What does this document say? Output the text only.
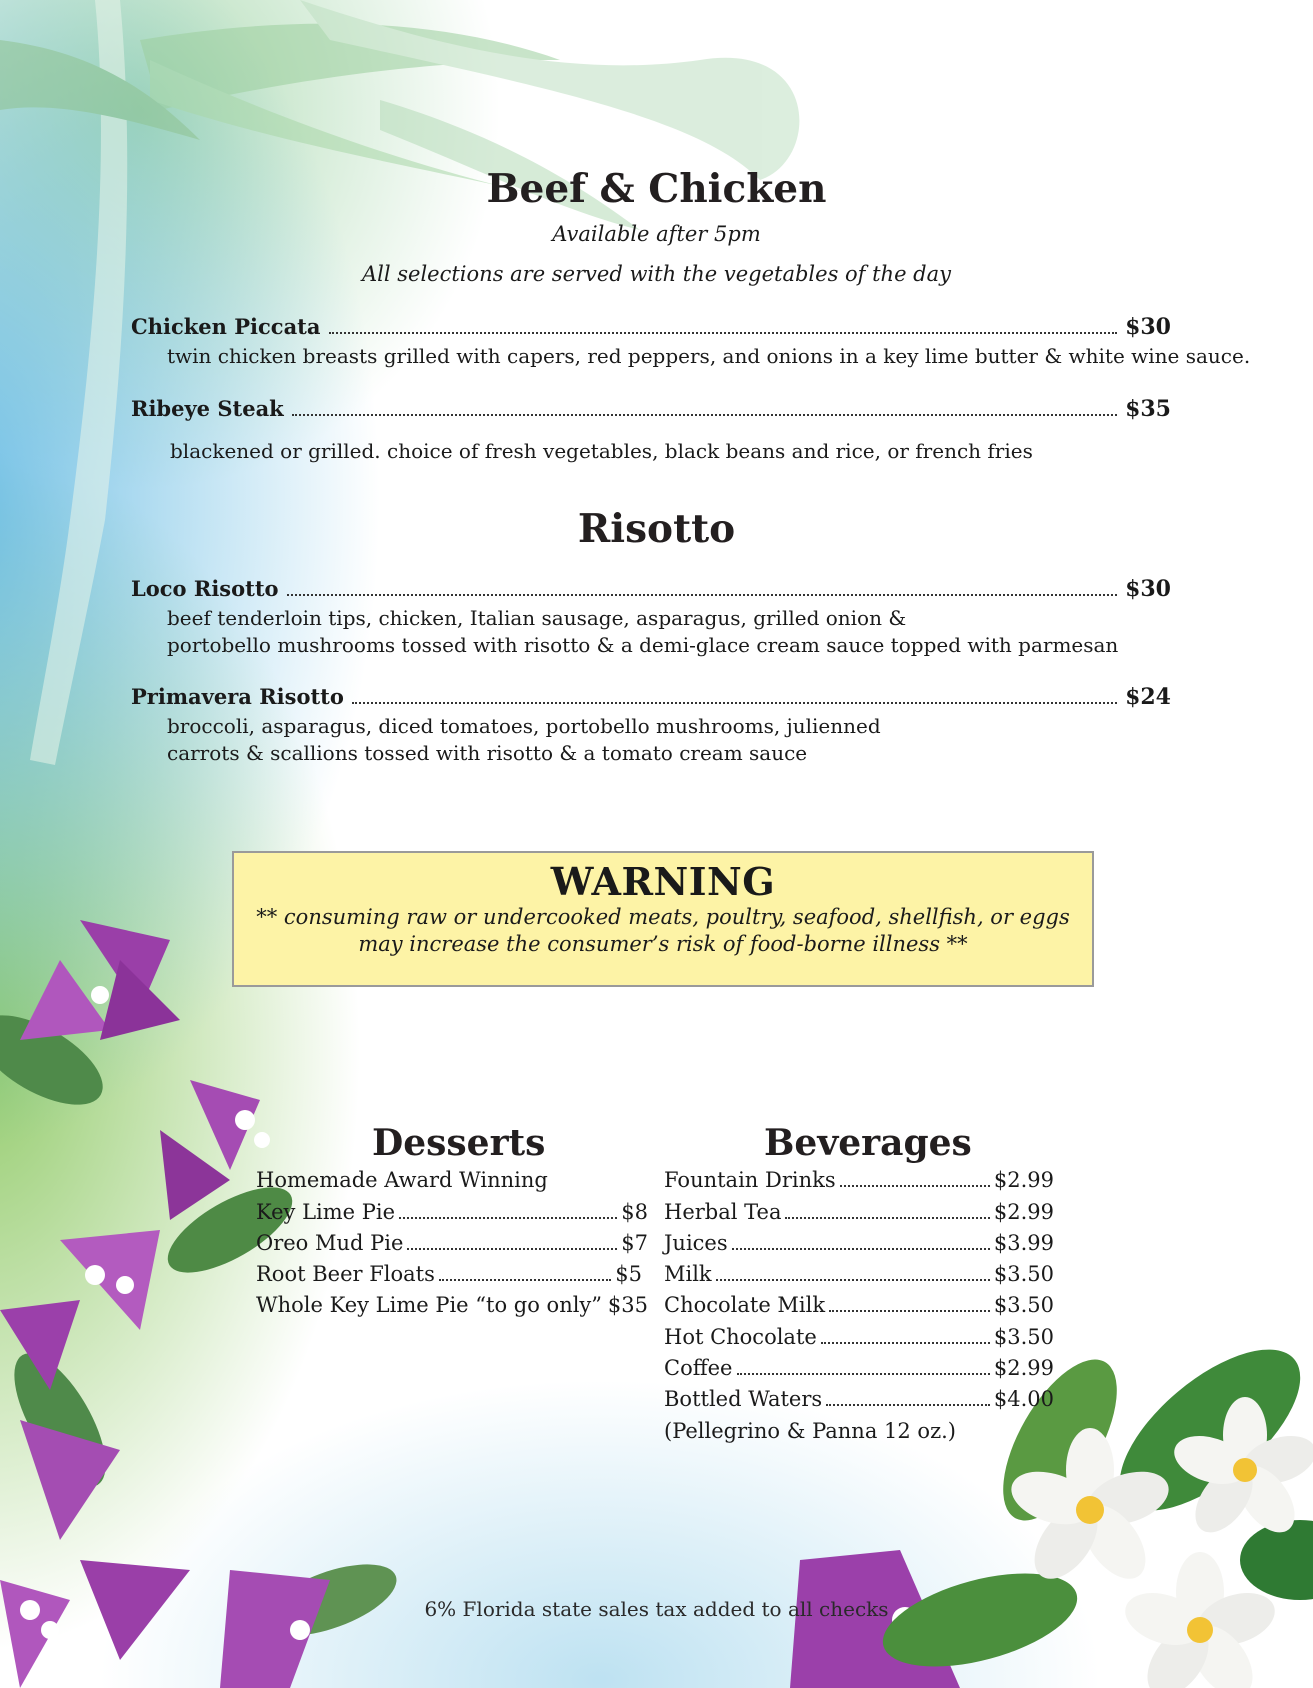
Beef & Chicken
Available after 5pm
All selections are served with the vegetables of the day
Chicken Piccata	$30
twin chicken breasts grilled with capers, red peppers, and onions in a key lime butter & white wine sauce.
Ribeye Steak	$35
blackened or grilled. choice of fresh vegetables, black beans and rice, or french fries
Risotto
Loco Risotto	$30
beef tenderloin tips, chicken, Italian sausage, asparagus, grilled onion &
portobello mushrooms tossed with risotto & a demi-glace cream sauce topped with parmesan
Primavera Risotto	$24
broccoli, asparagus, diced tomatoes, portobello mushrooms, julienned
carrots & scallions tossed with risotto & a tomato cream sauce
WARNING
** consuming raw or undercooked meats, poultry, seafood, shellfish, or eggs
may increase the consumer’s risk of food-borne illness **
Desserts
Homemade Award Winning
Key Lime Pie	$8
Oreo Mud Pie	$7
Root Beer Floats	$5
Whole Key Lime Pie “to go only” $35
Beverages
Fountain Drinks	$2.99
Herbal Tea	$2.99
Juices	$3.99
Milk	$3.50
Chocolate Milk	$3.50
Hot Chocolate	$3.50
Coffee	$2.99
Bottled Waters	$4.00
(Pellegrino & Panna 12 oz.)
6% Florida state sales tax added to all checks
